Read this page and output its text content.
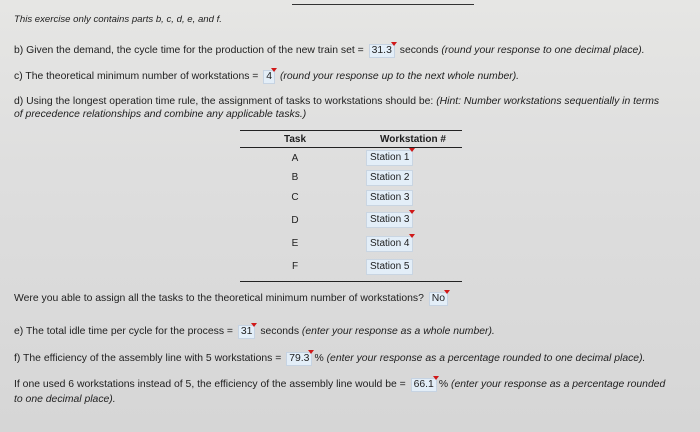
This exercise only contains parts b, c, d, e, and f.
b) Given the demand, the cycle time for the production of the new train set = 31.3 seconds (round your response to one decimal place).
c) The theoretical minimum number of workstations = 4 (round your response up to the next whole number).
d) Using the longest operation time rule, the assignment of tasks to workstations should be: (Hint: Number workstations sequentially in terms
of precedence relationships and combine any applicable tasks.)
Task	Workstation #
A	Station 1
B	Station 2
C	Station 3
D	Station 3
E	Station 4
F	Station 5
Were you able to assign all the tasks to the theoretical minimum number of workstations? No
e) The total idle time per cycle for the process = 31 seconds (enter your response as a whole number).
f) The efficiency of the assembly line with 5 workstations = 79.3 % (enter your response as a percentage rounded to one decimal place).
If one used 6 workstations instead of 5, the efficiency of the assembly line would be = 66.1 % (enter your response as a percentage rounded
to one decimal place).
